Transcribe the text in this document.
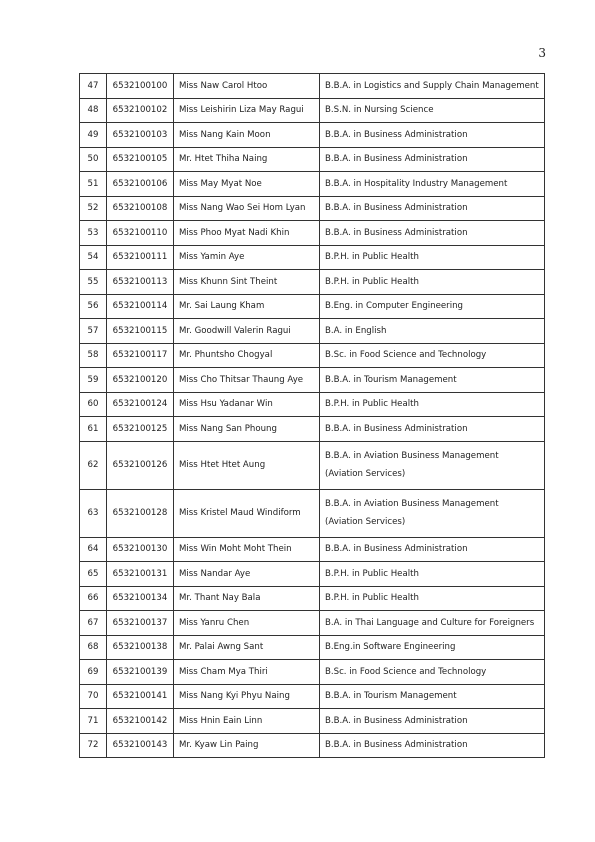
3
47	6532100100	Miss Naw Carol Htoo	B.B.A. in Logistics and Supply Chain Management
48	6532100102	Miss Leishirin Liza May Ragui	B.S.N. in Nursing Science
49	6532100103	Miss Nang Kain Moon	B.B.A. in Business Administration
50	6532100105	Mr. Htet Thiha Naing	B.B.A. in Business Administration
51	6532100106	Miss May Myat Noe	B.B.A. in Hospitality Industry Management
52	6532100108	Miss Nang Wao Sei Hom Lyan	B.B.A. in Business Administration
53	6532100110	Miss Phoo Myat Nadi Khin	B.B.A. in Business Administration
54	6532100111	Miss Yamin Aye	B.P.H. in Public Health
55	6532100113	Miss Khunn Sint Theint	B.P.H. in Public Health
56	6532100114	Mr. Sai Laung Kham	B.Eng. in Computer Engineering
57	6532100115	Mr. Goodwill Valerin Ragui	B.A. in English
58	6532100117	Mr. Phuntsho Chogyal	B.Sc. in Food Science and Technology
59	6532100120	Miss Cho Thitsar Thaung Aye	B.B.A. in Tourism Management
60	6532100124	Miss Hsu Yadanar Win	B.P.H. in Public Health
61	6532100125	Miss Nang San Phoung	B.B.A. in Business Administration
62	6532100126	Miss Htet Htet Aung	B.B.A. in Aviation Business Management (Aviation Services)
63	6532100128	Miss Kristel Maud Windiform	B.B.A. in Aviation Business Management (Aviation Services)
64	6532100130	Miss Win Moht Moht Thein	B.B.A. in Business Administration
65	6532100131	Miss Nandar Aye	B.P.H. in Public Health
66	6532100134	Mr. Thant Nay Bala	B.P.H. in Public Health
67	6532100137	Miss Yanru Chen	B.A. in Thai Language and Culture for Foreigners
68	6532100138	Mr. Palai Awng Sant	B.Eng.in Software Engineering
69	6532100139	Miss Cham Mya Thiri	B.Sc. in Food Science and Technology
70	6532100141	Miss Nang Kyi Phyu Naing	B.B.A. in Tourism Management
71	6532100142	Miss Hnin Eain Linn	B.B.A. in Business Administration
72	6532100143	Mr. Kyaw Lin Paing	B.B.A. in Business Administration
